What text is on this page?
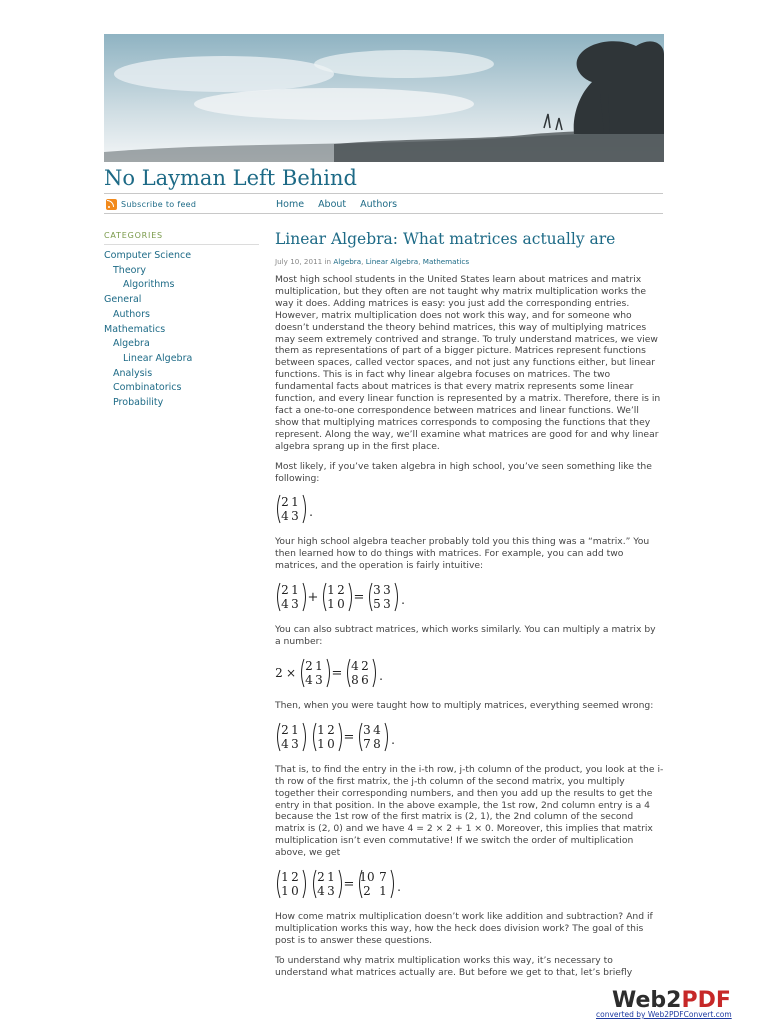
No Layman Left Behind
Subscribe to feed	Home About Authors
CATEGORIES
Computer Science
Theory
Algorithms
General
Authors
Mathematics
Algebra
Linear Algebra
Analysis
Combinatorics
Probability
Linear Algebra: What matrices actually are
July 10, 2011 in Algebra, Linear Algebra, Mathematics

Most high school students in the United States learn about matrices and matrix multiplication, but they often are not taught why matrix multiplication works the way it does. Adding matrices is easy: you just add the corresponding entries. However, matrix multiplication does not work this way, and for someone who doesn’t understand the theory behind matrices, this way of multiplying matrices may seem extremely contrived and strange. To truly understand matrices, we view them as representations of part of a bigger picture. Matrices represent functions between spaces, called vector spaces, and not just any functions either, but linear functions. This is in fact why linear algebra focuses on matrices. The two fundamental facts about matrices is that every matrix represents some linear function, and every linear function is represented by a matrix. Therefore, there is in fact a one-to-one correspondence between matrices and linear functions. We’ll show that multiplying matrices corresponds to composing the functions that they represent. Along the way, we’ll examine what matrices are good for and why linear algebra sprang up in the first place.

Most likely, if you’ve taken algebra in high school, you’ve seen something like the following:

2 1
4 3 .

Your high school algebra teacher probably told you this thing was a “matrix.” You then learned how to do things with matrices. For example, you can add two matrices, and the operation is fairly intuitive:

2 1
4 3 + 1 2
1 0 = 3 3
5 3 .

You can also subtract matrices, which works similarly. You can multiply a matrix by a number:

2 × 2 1
4 3 = 4 2
8 6 .

Then, when you were taught how to multiply matrices, everything seemed wrong:

2 1
4 3
1 2
1 0 = 3 4
7 8 .

That is, to find the entry in the i-th row, j-th column of the product, you look at the i-th row of the first matrix, the j-th column of the second matrix, you multiply together their corresponding numbers, and then you add up the results to get the entry in that position. In the above example, the 1st row, 2nd column entry is a 4 because the 1st row of the first matrix is (2, 1), the 2nd column of the second matrix is (2, 0) and we have 4 = 2 × 2 + 1 × 0. Moreover, this implies that matrix multiplication isn’t even commutative! If we switch the order of multiplication above, we get

1 2
1 0
2 1
4 3 = 10 7
2 1 .

How come matrix multiplication doesn’t work like addition and subtraction? And if multiplication works this way, how the heck does division work? The goal of this post is to answer these questions.

To understand why matrix multiplication works this way, it’s necessary to understand what matrices actually are. But before we get to that, let’s briefly

Web2PDF
converted by Web2PDFConvert.com
